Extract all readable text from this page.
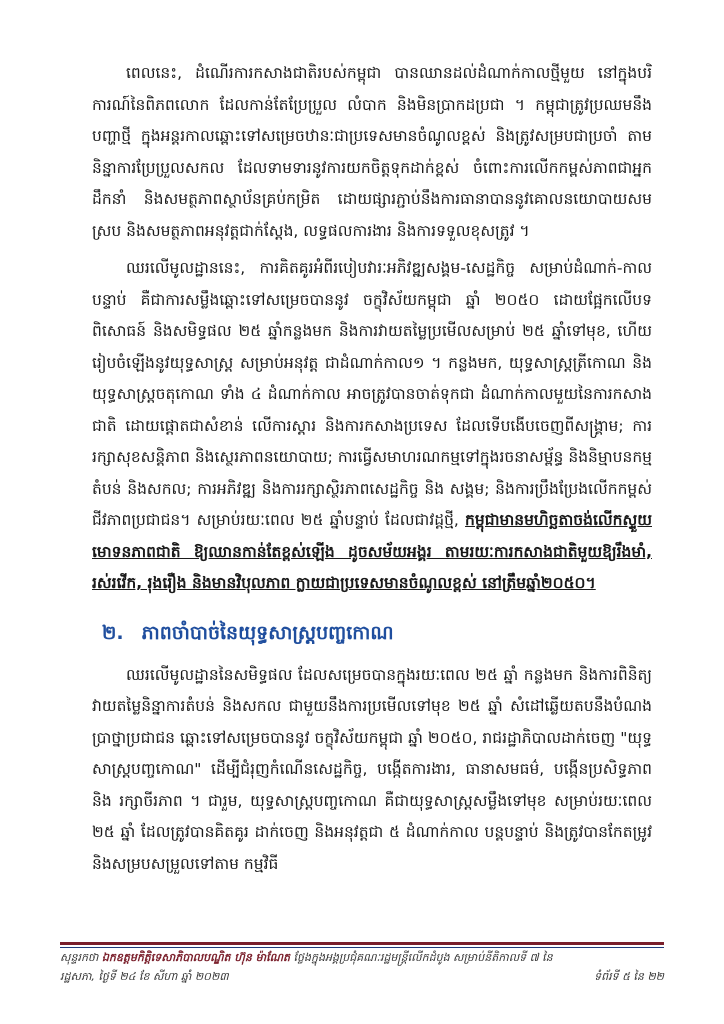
ពេលនេះ, ដំណើរការកសាងជាតិរបស់កម្ពុជា បានឈានដល់ដំណាក់កាលថ្មីមួយ នៅក្នុងបរិការណ៍នៃពិភពលោក ដែលកាន់តែប្រែប្រួល លំបាក និងមិនប្រាកដប្រជា ។ កម្ពុជាត្រូវប្រឈមនឹងបញ្ហាថ្មី ក្នុងអន្តរកាលឆ្ពោះទៅសម្រេចឋានៈជាប្រទេសមានចំណូលខ្ពស់ និងត្រូវសម្របជាប្រចាំ តាមនិន្នាការប្រែប្រួលសកល ដែលទាមទារនូវការយកចិត្តទុកដាក់ខ្ពស់ ចំពោះការលើកកម្ពស់ភាពជាអ្នកដឹកនាំ និងសមត្ថភាពស្ថាប័នគ្រប់កម្រិត ដោយផ្សារភ្ជាប់នឹងការធានាបាននូវគោលនយោបាយសមស្រប និងសមត្ថភាពអនុវត្តជាក់ស្តែង, លទ្ធផលការងារ និងការទទួលខុសត្រូវ ។

ឈរលើមូលដ្ឋាននេះ, ការគិតគូរអំពីរបៀបវារៈអភិវឌ្ឍសង្គម-សេដ្ឋកិច្ច សម្រាប់ដំណាក់-កាលបន្ទាប់ គឺជាការសម្លឹងឆ្ពោះទៅសម្រេចបាននូវ ចក្ខុវិស័យកម្ពុជា ឆ្នាំ ២០៥០ ដោយផ្អែកលើបទពិសោធន៍ និងសមិទ្ធផល ២៥ ឆ្នាំកន្លងមក និងការវាយតម្លៃប្រមើលសម្រាប់ ២៥ ឆ្នាំទៅមុខ, ហើយរៀបចំឡើងនូវយុទ្ធសាស្ត្រ សម្រាប់អនុវត្ត ជាដំណាក់កាល១ ។ កន្លងមក, យុទ្ធសាស្ត្រត្រីកោណ និង យុទ្ធសាស្ត្រចតុកោណ ទាំង ៤ ដំណាក់កាល អាចត្រូវបានចាត់ទុកជា ដំណាក់កាលមួយនៃការកសាងជាតិ ដោយផ្តោតជាសំខាន់ លើការស្តារ និងការកសាងប្រទេស ដែលទើបងើបចេញពីសង្គ្រាម; ការរក្សាសុខសន្តិភាព និងស្ថេរភាពនយោបាយ; ការធ្វើសមាហរណកម្មទៅក្នុងរចនាសម្ព័ន្ធ និងនិម្មាបនកម្មតំបន់ និងសកល; ការអភិវឌ្ឍ និងការរក្សាស្ថិរភាពសេដ្ឋកិច្ច និង សង្គម; និងការប្រឹងប្រែងលើកកម្ពស់ជីវភាពប្រជាជន។ សម្រាប់រយៈពេល ២៥ ឆ្នាំបន្ទាប់ ដែលជាវដ្តថ្មី, កម្ពុជាមានមហិច្ឆតាចង់លើកស្ទួយមោទនភាពជាតិ ឱ្យឈានកាន់តែខ្ពស់ឡើង ដូចសម័យអង្គរ តាមរយៈការកសាងជាតិមួយឱ្យរឹងមាំ, រស់រវើក, រុងរឿង និងមានវិបុលភាព ក្លាយជាប្រទេសមានចំណូលខ្ពស់ នៅត្រឹមឆ្នាំ២០៥០។

២. ភាពចាំបាច់នៃយុទ្ធសាស្ត្របញ្ចកោណ

ឈរលើមូលដ្ឋាននៃសមិទ្ធផល ដែលសម្រេចបានក្នុងរយៈពេល ២៥ ឆ្នាំ កន្លងមក និងការពិនិត្យវាយតម្លៃនិន្នាការតំបន់ និងសកល ជាមួយនឹងការប្រមើលទៅមុខ ២៥ ឆ្នាំ សំដៅឆ្លើយតបនឹងបំណងប្រាថ្នាប្រជាជន ឆ្ពោះទៅសម្រេចបាននូវ ចក្ខុវិស័យកម្ពុជា ឆ្នាំ ២០៥០, រាជរដ្ឋាភិបាលដាក់ចេញ "យុទ្ធសាស្ត្របញ្ចកោណ" ដើម្បីជំរុញកំណើនសេដ្ឋកិច្ច, បង្កើតការងារ, ធានាសមធម៌, បង្កើនប្រសិទ្ធភាព និង រក្សាចីរភាព ។ ជារួម, យុទ្ធសាស្ត្របញ្ចកោណ គឺជាយុទ្ធសាស្ត្រសម្លឹងទៅមុខ សម្រាប់រយៈពេល ២៥ ឆ្នាំ ដែលត្រូវបានគិតគូរ ដាក់ចេញ និងអនុវត្តជា ៥ ដំណាក់កាល បន្តបន្ទាប់ និងត្រូវបានកែតម្រូវ និងសម្របសម្រួលទៅតាម កម្មវិធី

សុន្ទរកថា ឯកឧត្តមកិត្តិទេសាភិបាលបណ្ឌិត ហ៊ុន ម៉ាណែត ថ្លែងក្នុងអង្គប្រជុំគណៈរដ្ឋមន្ត្រីលើកដំបូង សម្រាប់នីតិកាលទី ៧ នៃ
រដ្ឋសភា, ថ្ងៃទី ២៤ ខែ សីហា ឆ្នាំ ២០២៣	ទំព័រទី ៥ នៃ ២២
